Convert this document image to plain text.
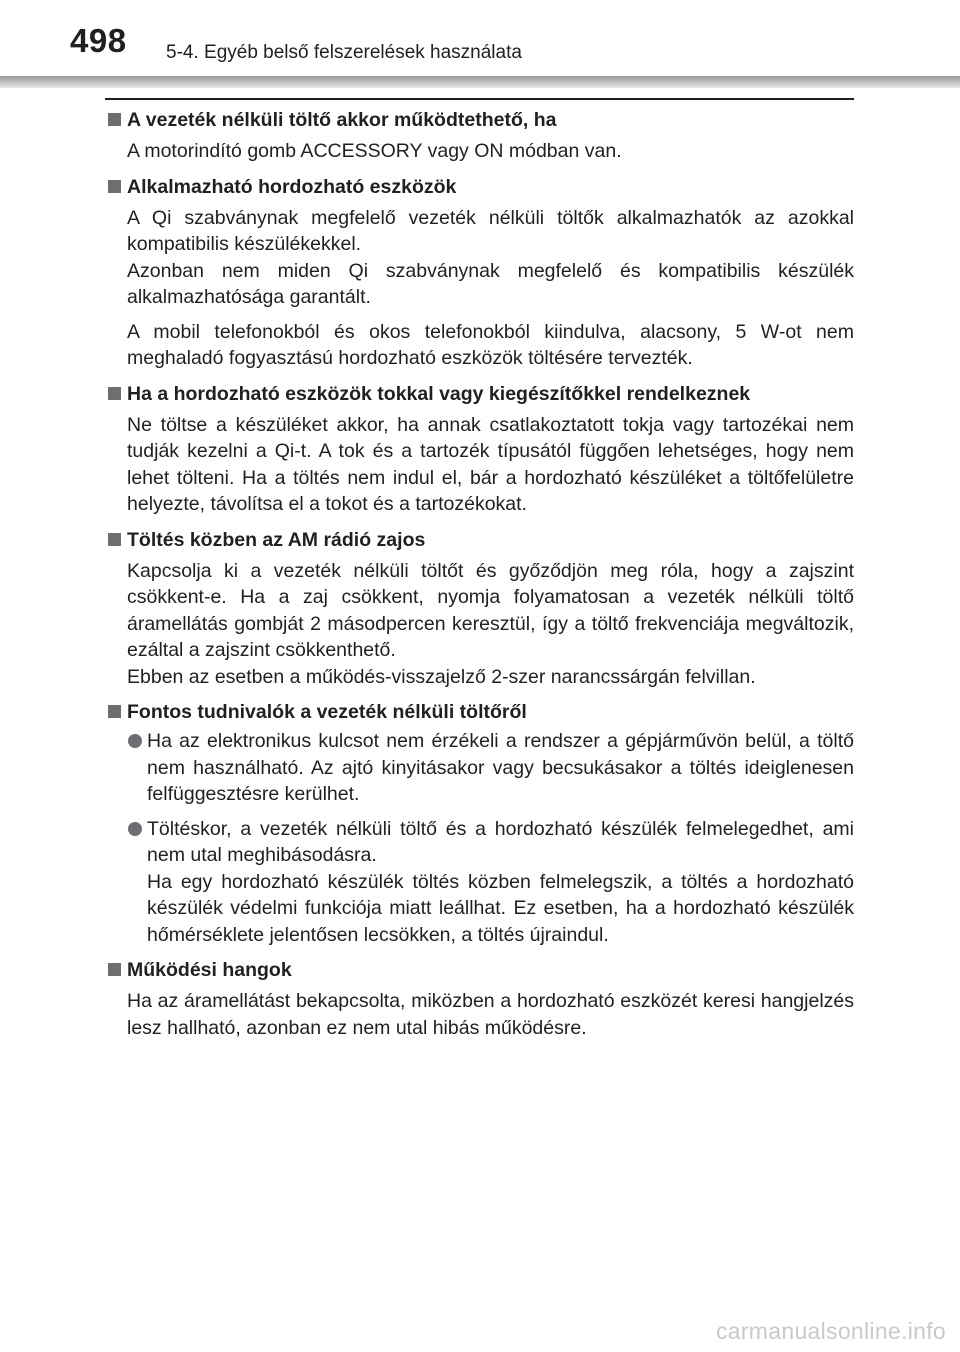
498 5-4. Egyéb belső felszerelések használata
A vezeték nélküli töltő akkor működtethető, ha
A motorindító gomb ACCESSORY vagy ON módban van.
Alkalmazható hordozható eszközök
A Qi szabványnak megfelelő vezeték nélküli töltők alkalmazhatók az azokkal kompatibilis készülékekkel.
Azonban nem miden Qi szabványnak megfelelő és kompatibilis készülék alkalmazhatósága garantált.
A mobil telefonokból és okos telefonokból kiindulva, alacsony, 5 W-ot nem meghaladó fogyasztású hordozható eszközök töltésére tervezték.
Ha a hordozható eszközök tokkal vagy kiegészítőkkel rendelkeznek
Ne töltse a készüléket akkor, ha annak csatlakoztatott tokja vagy tartozékai nem tudják kezelni a Qi-t. A tok és a tartozék típusától függően lehetséges, hogy nem lehet tölteni. Ha a töltés nem indul el, bár a hordozható készüléket a töltőfelületre helyezte, távolítsa el a tokot és a tartozékokat.
Töltés közben az AM rádió zajos
Kapcsolja ki a vezeték nélküli töltőt és győződjön meg róla, hogy a zajszint csökkent-e. Ha a zaj csökkent, nyomja folyamatosan a vezeték nélküli töltő áramellátás gombját 2 másodpercen keresztül, így a töltő frekvenciája megváltozik, ezáltal a zajszint csökkenthető.
Ebben az esetben a működés-visszajelző 2-szer narancssárgán felvillan.
Fontos tudnivalók a vezeték nélküli töltőről
Ha az elektronikus kulcsot nem érzékeli a rendszer a gépjárművön belül, a töltő nem használható. Az ajtó kinyitásakor vagy becsukásakor a töltés ideiglenesen felfüggesztésre kerülhet.
Töltéskor, a vezeték nélküli töltő és a hordozható készülék felmelegedhet, ami nem utal meghibásodásra.
Ha egy hordozható készülék töltés közben felmelegszik, a töltés a hordozható készülék védelmi funkciója miatt leállhat. Ez esetben, ha a hordozható készülék hőmérséklete jelentősen lecsökken, a töltés újraindul.
Működési hangok
Ha az áramellátást bekapcsolta, miközben a hordozható eszközét keresi hangjelzés lesz hallható, azonban ez nem utal hibás működésre.
carmanualsonline.info
